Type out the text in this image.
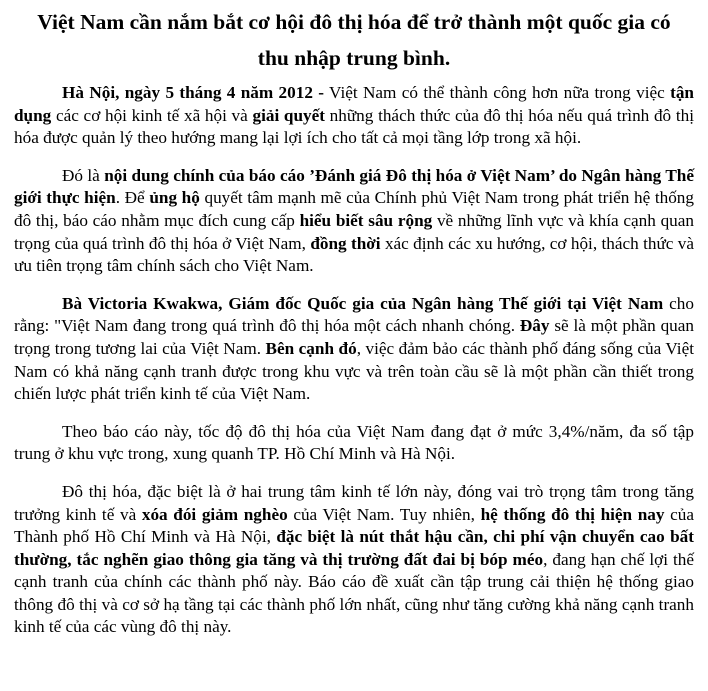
Việt Nam cần nắm bắt cơ hội đô thị hóa để trở thành một quốc gia có thu nhập trung bình.

Hà Nội, ngày 5 tháng 4 năm 2012 - Việt Nam có thể thành công hơn nữa trong việc tận dụng các cơ hội kinh tế xã hội và giải quyết những thách thức của đô thị hóa nếu quá trình đô thị hóa được quản lý theo hướng mang lại lợi ích cho tất cả mọi tầng lớp trong xã hội.

Đó là nội dung chính của báo cáo ’Đánh giá Đô thị hóa ở Việt Nam’ do Ngân hàng Thế giới thực hiện. Để ủng hộ quyết tâm mạnh mẽ của Chính phủ Việt Nam trong phát triển hệ thống đô thị, báo cáo nhằm mục đích cung cấp hiểu biết sâu rộng về những lĩnh vực và khía cạnh quan trọng của quá trình đô thị hóa ở Việt Nam, đồng thời xác định các xu hướng, cơ hội, thách thức và ưu tiên trọng tâm chính sách cho Việt Nam.

Bà Victoria Kwakwa, Giám đốc Quốc gia của Ngân hàng Thế giới tại Việt Nam cho rằng: "Việt Nam đang trong quá trình đô thị hóa một cách nhanh chóng. Đây sẽ là một phần quan trọng trong tương lai của Việt Nam. Bên cạnh đó, việc đảm bảo các thành phố đáng sống của Việt Nam có khả năng cạnh tranh được trong khu vực và trên toàn cầu sẽ là một phần cần thiết trong chiến lược phát triển kinh tế của Việt Nam.

Theo báo cáo này, tốc độ đô thị hóa của Việt Nam đang đạt ở mức 3,4%/năm, đa số tập trung ở khu vực trong, xung quanh TP. Hồ Chí Minh và Hà Nội.

Đô thị hóa, đặc biệt là ở hai trung tâm kinh tế lớn này, đóng vai trò trọng tâm trong tăng trưởng kinh tế và xóa đói giảm nghèo của Việt Nam. Tuy nhiên, hệ thống đô thị hiện nay của Thành phố Hồ Chí Minh và Hà Nội, đặc biệt là nút thắt hậu cần, chi phí vận chuyển cao bất thường, tắc nghẽn giao thông gia tăng và thị trường đất đai bị bóp méo, đang hạn chế lợi thế cạnh tranh của chính các thành phố này. Báo cáo đề xuất cần tập trung cải thiện hệ thống giao thông đô thị và cơ sở hạ tầng tại các thành phố lớn nhất, cũng như tăng cường khả năng cạnh tranh kinh tế của các vùng đô thị này.
